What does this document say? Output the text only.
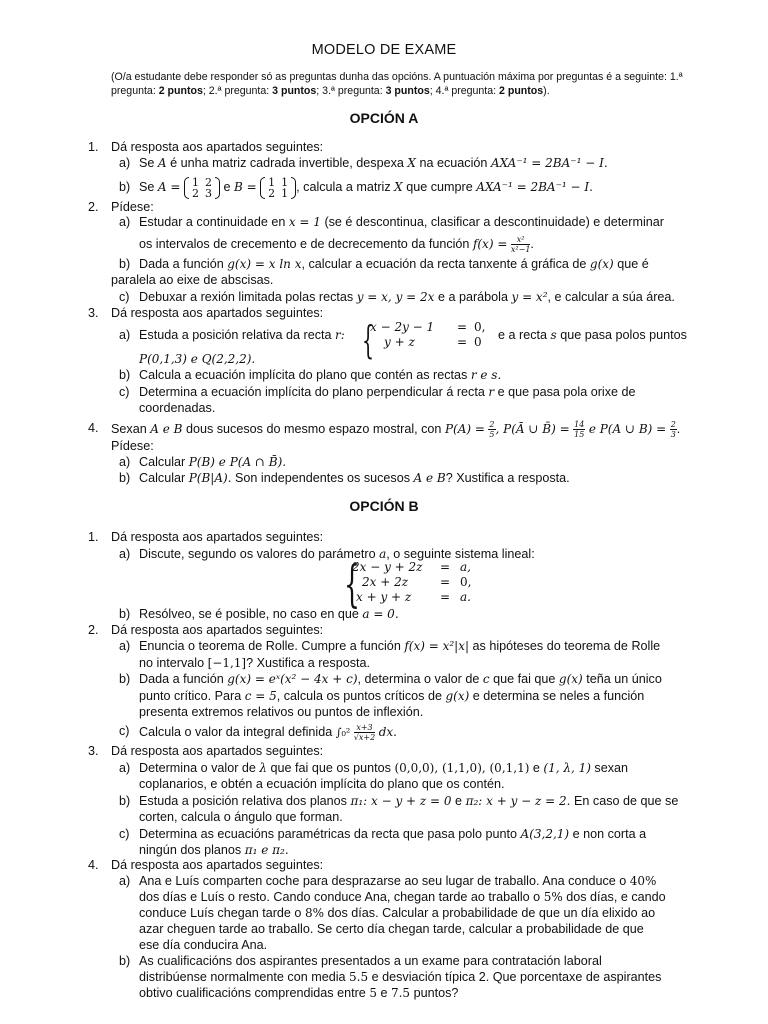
MODELO DE EXAME
(O/a estudante debe responder só as preguntas dunha das opcións. A puntuación máxima por preguntas é a seguinte: 1.ª
pregunta: 2 puntos; 2.ª pregunta: 3 puntos; 3.ª pregunta: 3 puntos; 4.ª pregunta: 2 puntos).
OPCIÓN A
1. Dá resposta aos apartados seguintes:
a) Se A é unha matriz cadrada invertible, despexa X na ecuación AXA⁻¹ = 2BA⁻¹ − I.
b) Se A = 1 2
2 3 e B = 1 1
2 1 , calcula a matriz X que cumpre AXA⁻¹ = 2BA⁻¹ − I.
2. Pídese:
a) Estudar a continuidade en x = 1 (se é descontinua, clasificar a descontinuidade) e determinar
os intervalos de crecemento e de decrecemento da función $f(x) = \frac{\text{x²}}{\text{x²−1}}$ .
b) Dada a función g(x) = x ln x, calcular a ecuación da recta tanxente á gráfica de g(x) que é
paralela ao eixe de abscisas.
c) Debuxar a rexión limitada polas rectas y = x, y = 2x e a parábola y = x², e calcular a súa área.
3. Dá resposta aos apartados seguintes:
a) Estuda a posición relativa da recta r: {
x − 2y − 1 = 0,
y + z	= 0	e a recta s que pasa polos puntos
P(0,1,3) e Q(2,2,2).
b) Calcula a ecuación implícita do plano que contén as rectas r e s.
c) Determina a ecuación implícita do plano perpendicular á recta r e que pasa pola orixe de
coordenadas.
4. Sexan A e B dous sucesos do mesmo espazo mostral, con $P(A) = \frac{2}{5}$ , P(Ā ∪ B̄) = $\frac{14}{15}$ e P(A ∪ $B) = \frac{2}{3}$ .
Pídese:
a) Calcular P(B) e P(A ∩ B̄).
b) Calcular P(B|A). Son independentes os sucesos A e B? Xustifica a resposta.
OPCIÓN B
1. Dá resposta aos apartados seguintes:
a) Discute, segundo os valores do parámetro a, o seguinte sistema lineal:
{
2x − y + 2z = a,
2x + 2z	= 0,
x + y + z = a.
b) Resólveo, se é posible, no caso en que a = 0.
2. Dá resposta aos apartados seguintes:
a) Enuncia o teorema de Rolle. Cumpre a función f(x) = x²|x| as hipóteses do teorema de Rolle
no intervalo [−1,1]? Xustifica a resposta.
b) Dada a función g(x) = eˣ(x² − 4x + c), determina o valor de c que fai que g(x) teña un único
punto crítico. Para c = 5, calcula os puntos críticos de g(x) e determina se neles a función
presenta extremos relativos ou puntos de inflexión.
c) Calcula o valor da integral definida $\int_0^2 \frac{x+3}{√x+2}$ dx.
3. Dá resposta aos apartados seguintes:
a) Determina o valor de λ que fai que os puntos (0,0,0), (1,1,0), (0,1,1) e (1, λ, 1) sexan
coplanarios, e obtén a ecuación implícita do plano que os contén.
b) Estuda a posición relativa dos planos π₁: x − y + z = 0 e π₂: x + y − z = 2. En caso de que se
corten, calcula o ángulo que forman.
c) Determina as ecuacións paramétricas da recta que pasa polo punto A(3,2,1) e non corta a
ningún dos planos π₁ e π₂.
4. Dá resposta aos apartados seguintes:
a) Ana e Luís comparten coche para desprazarse ao seu lugar de traballo. Ana conduce o 40%
dos días e Luís o resto. Cando conduce Ana, chegan tarde ao traballo o 5% dos días, e cando
conduce Luís chegan tarde o 8% dos días. Calcular a probabilidade de que un día elixido ao
azar cheguen tarde ao traballo. Se certo día chegan tarde, calcular a probabilidade de que
ese día conducira Ana.
b) As cualificacións dos aspirantes presentados a un exame para contratación laboral
distribúense normalmente con media 5.5 e desviación típica 2. Que porcentaxe de aspirantes
obtivo cualificacións comprendidas entre 5 e 7.5 puntos?
